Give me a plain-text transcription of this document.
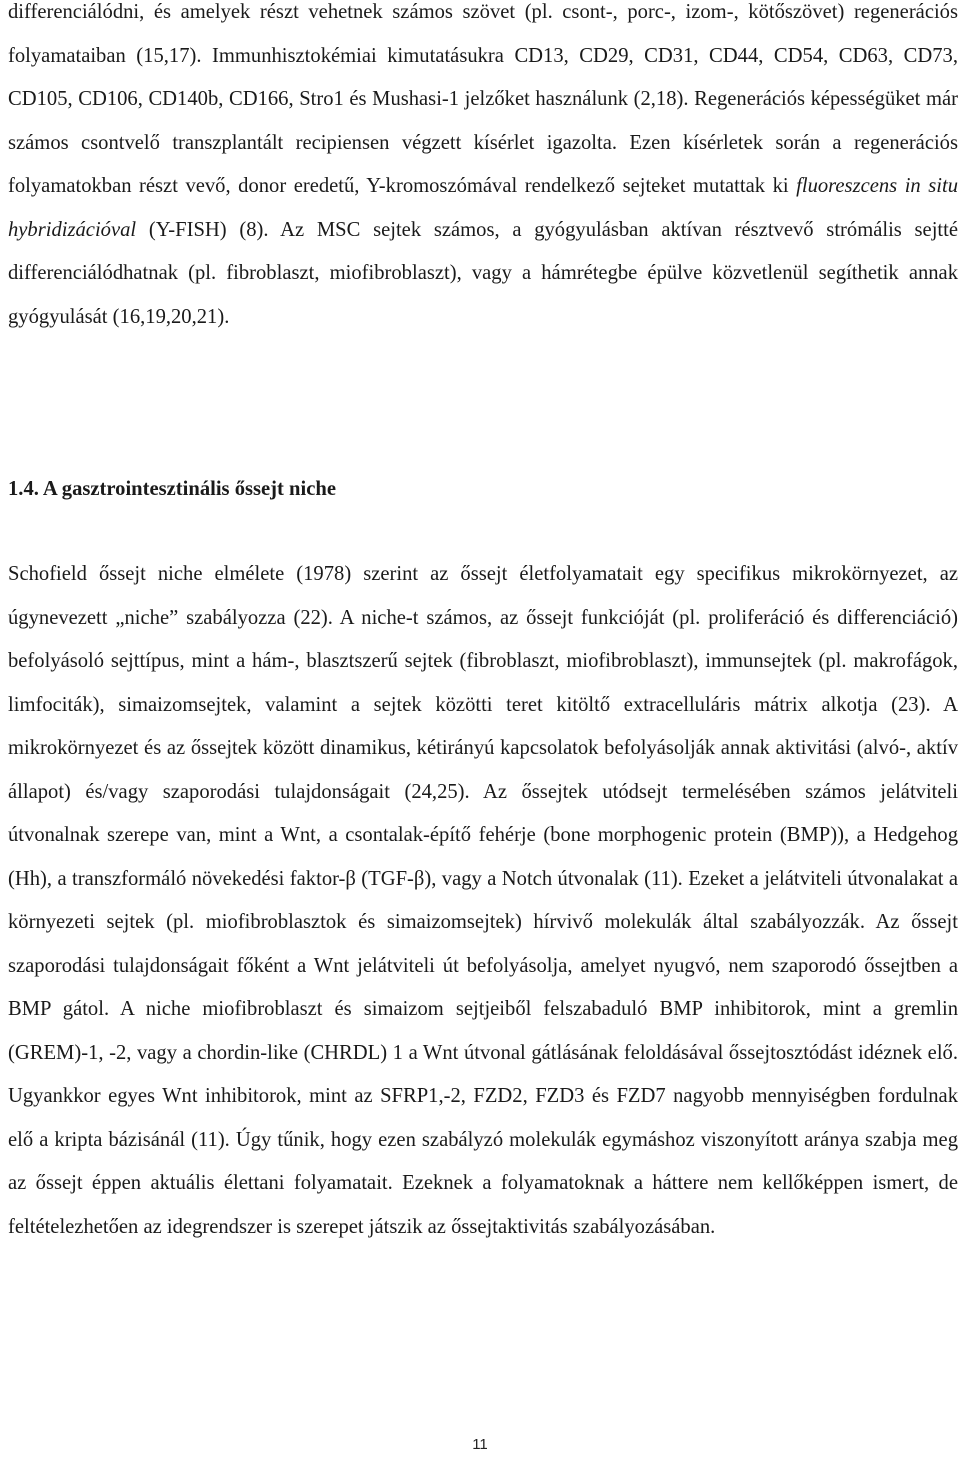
differenciálódni, és amelyek részt vehetnek számos szövet (pl. csont-, porc-, izom-, kötőszövet) regenerációs folyamataiban (15,17). Immunhisztokémiai kimutatásukra CD13, CD29, CD31, CD44, CD54, CD63, CD73, CD105, CD106, CD140b, CD166, Stro1 és Mushasi-1 jelzőket használunk (2,18). Regenerációs képességüket már számos csontvelő transzplantált recipiensen végzett kísérlet igazolta. Ezen kísérletek során a regenerációs folyamatokban részt vevő, donor eredetű, Y-kromoszómával rendelkező sejteket mutattak ki fluoreszcens in situ hybridizációval (Y-FISH) (8). Az MSC sejtek számos, a gyógyulásban aktívan résztvevő strómális sejtté differenciálódhatnak (pl. fibroblaszt, miofibroblaszt), vagy a hámrétegbe épülve közvetlenül segíthetik annak gyógyulását (16,19,20,21).

1.4. A gasztrointesztinális őssejt niche

Schofield őssejt niche elmélete (1978) szerint az őssejt életfolyamatait egy specifikus mikrokörnyezet, az úgynevezett „niche” szabályozza (22). A niche-t számos, az őssejt funkcióját (pl. proliferáció és differenciáció) befolyásoló sejttípus, mint a hám-, blasztszerű sejtek (fibroblaszt, miofibroblaszt), immunsejtek (pl. makrofágok, limfociták), simaizomsejtek, valamint a sejtek közötti teret kitöltő extracelluláris mátrix alkotja (23). A mikrokörnyezet és az őssejtek között dinamikus, kétirányú kapcsolatok befolyásolják annak aktivitási (alvó-, aktív állapot) és/vagy szaporodási tulajdonságait (24,25). Az őssejtek utódsejt termelésében számos jelátviteli útvonalnak szerepe van, mint a Wnt, a csontalak-építő fehérje (bone morphogenic protein (BMP)), a Hedgehog (Hh), a transzformáló növekedési faktor-β (TGF-β), vagy a Notch útvonalak (11). Ezeket a jelátviteli útvonalakat a környezeti sejtek (pl. miofibroblasztok és simaizomsejtek) hírvivő molekulák által szabályozzák. Az őssejt szaporodási tulajdonságait főként a Wnt jelátviteli út befolyásolja, amelyet nyugvó, nem szaporodó őssejtben a BMP gátol. A niche miofibroblaszt és simaizom sejtjeiből felszabaduló BMP inhibitorok, mint a gremlin (GREM)-1, -2, vagy a chordin-like (CHRDL) 1 a Wnt útvonal gátlásának feloldásával őssejtosztódást idéznek elő. Ugyankkor egyes Wnt inhibitorok, mint az SFRP1,-2, FZD2, FZD3 és FZD7 nagyobb mennyiségben fordulnak elő a kripta bázisánál (11). Úgy tűnik, hogy ezen szabályzó molekulák egymáshoz viszonyított aránya szabja meg az őssejt éppen aktuális élettani folyamatait. Ezeknek a folyamatoknak a háttere nem kellőképpen ismert, de feltételezhetően az idegrendszer is szerepet játszik az őssejtaktivitás szabályozásában.

11
